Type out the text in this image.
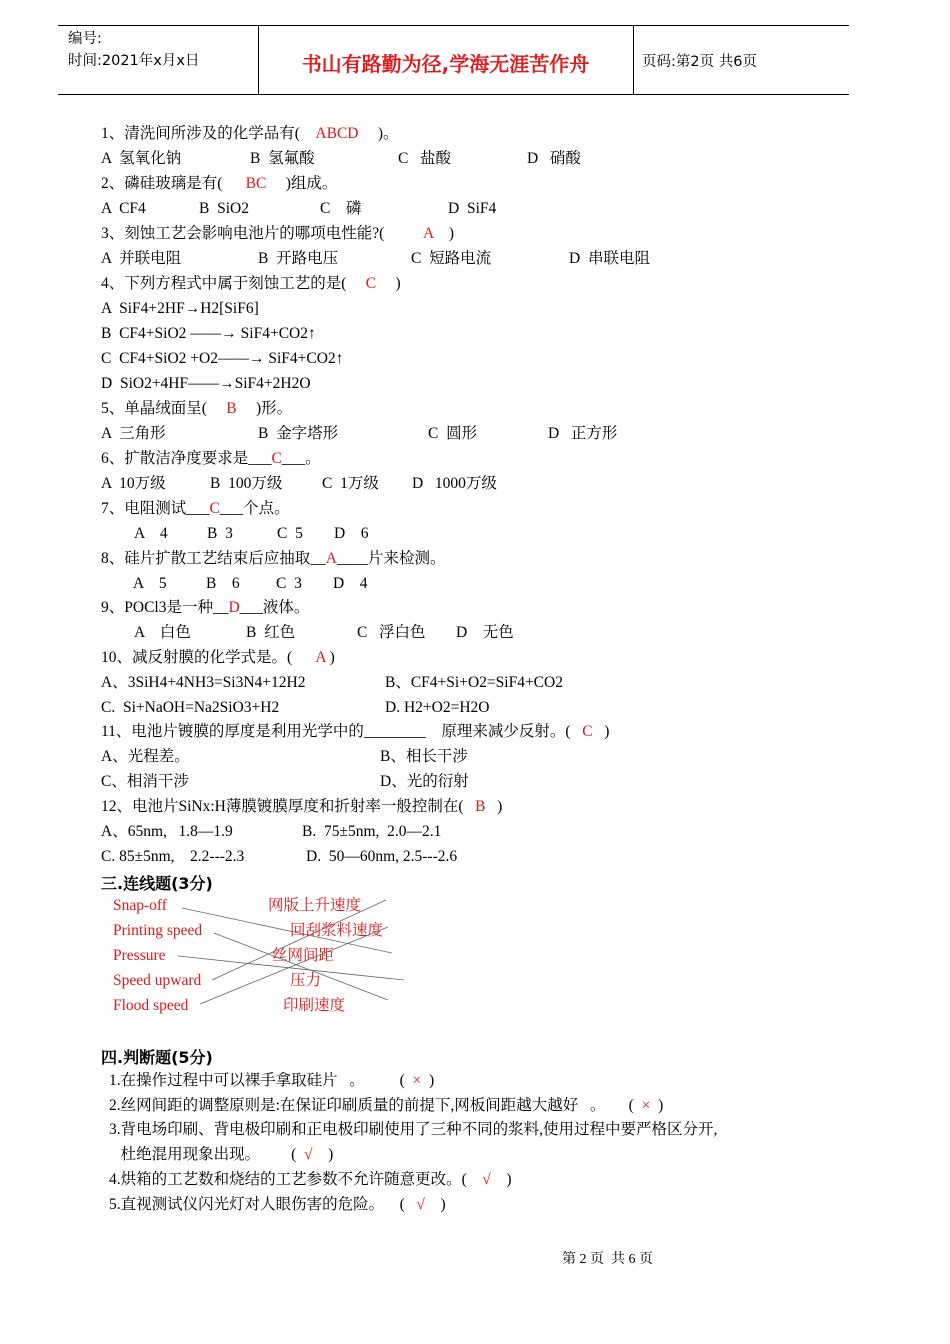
编号:
时间:2021年x月x日	书山有路勤为径,学海无涯苦作舟	页码:第2页 共6页
1、清洗间所涉及的化学品有(    ABCD     )。
A  氢氧化钠	B  氢氟酸	C   盐酸	D   硝酸
2、磷硅玻璃是有(      BC     )组成。
A  CF4	B  SiO2	C    磷	D  SiF4
3、刻蚀工艺会影响电池片的哪项电性能?(          A    )
A  并联电阻	B  开路电压	C  短路电流	D  串联电阻
4、下列方程式中属于刻蚀工艺的是(     C     )
A  SiF4+2HF→H2[SiF6]
B  CF4+SiO2 ——→ SiF4+CO2↑
C  CF4+SiO2 +O2——→ SiF4+CO2↑
D  SiO2+4HF——→SiF4+2H2O
5、单晶绒面呈(     B     )形。
A  三角形	B  金字塔形	C  圆形	D   正方形
6、扩散洁净度要求是___C___。
A  10万级	B  100万级	C  1万级 D   1000万级
7、电阻测试___C___个点。
A    4	B  3	C  5 D    6
8、硅片扩散工艺结束后应抽取__A____片来检测。
A    5	B    6 C  3 D    4
9、POCl3是一种__D___液体。
A    白色	B  红色	C   浮白色 D    无色
10、减反射膜的化学式是。(      A )
A、3SiH4+4NH3=Si3N4+12H2	B、CF4+Si+O2=SiF4+CO2
C.  Si+NaOH=Na2SiO3+H2	D. H2+O2=H2O
11、电池片镀膜的厚度是利用光学中的________    原理来减少反射。(   C   )
A、光程差。	B、相长干涉
C、相消干涉	D、光的衍射
12、电池片SiNx:H薄膜镀膜厚度和折射率一般控制在(   B   )
A、65nm,   1.8—1.9	B.  75±5nm,  2.0—2.1
C. 85±5nm,    2.2---2.3	D.  50—60nm, 2.5---2.6
三.连线题(3分)
Snap-off
Printing speed
Pressure
Speed upward
Flood speed
网版上升速度
回刮浆料速度
丝网间距
压力
印刷速度
四.判断题(5分)
1.在操作过程中可以裸手拿取硅片   。         (  ×  )
2.丝网间距的调整原则是:在保证印刷质量的前提下,网板间距越大越好   。      (  ×  )
3.背电场印刷、背电极印刷和正电极印刷使用了三种不同的浆料,使用过程中要严格区分开,
杜绝混用现象出现。        (  √    )
4.烘箱的工艺数和烧结的工艺参数不允许随意更改。(    √    )
5.直视测试仪闪光灯对人眼伤害的危险。    (   √    )
第 2 页  共 6 页
